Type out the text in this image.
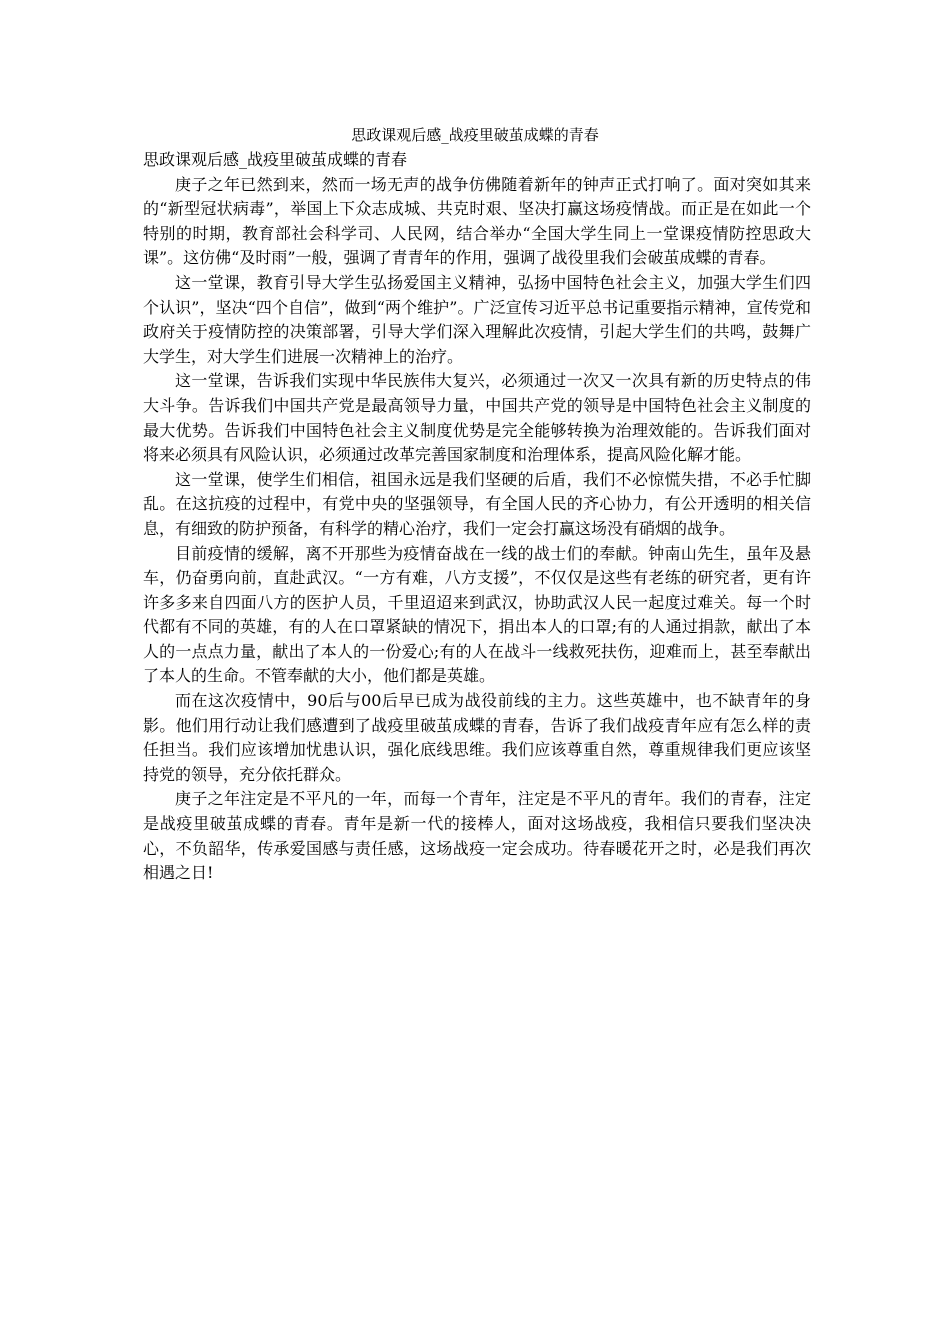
思政课观后感_战疫里破茧成蝶的青春
思政课观后感_战疫里破茧成蝶的青春

庚子之年已然到来，然而一场无声的战争仿佛随着新年的钟声正式打响了。面对突如其来的“新型冠状病毒”，举国上下众志成城、共克时艰、坚决打赢这场疫情战。而正是在如此一个特别的时期，教育部社会科学司、人民网，结合举办“全国大学生同上一堂课疫情防控思政大课”。这仿佛“及时雨”一般，强调了青青年的作用，强调了战役里我们会破茧成蝶的青春。

这一堂课，教育引导大学生弘扬爱国主义精神，弘扬中国特色社会主义，加强大学生们四个认识”，坚决“四个自信”，做到“两个维护”。广泛宣传习近平总书记重要指示精神，宣传党和政府关于疫情防控的决策部署，引导大学们深入理解此次疫情，引起大学生们的共鸣，鼓舞广大学生，对大学生们进展一次精神上的治疗。

这一堂课，告诉我们实现中华民族伟大复兴，必须通过一次又一次具有新的历史特点的伟大斗争。告诉我们中国共产党是最高领导力量，中国共产党的领导是中国特色社会主义制度的最大优势。告诉我们中国特色社会主义制度优势是完全能够转换为治理效能的。告诉我们面对将来必须具有风险认识，必须通过改革完善国家制度和治理体系，提高风险化解才能。

这一堂课，使学生们相信，祖国永远是我们坚硬的后盾，我们不必惊慌失措，不必手忙脚乱。在这抗疫的过程中，有党中央的坚强领导，有全国人民的齐心协力，有公开透明的相关信息，有细致的防护预备，有科学的精心治疗，我们一定会打赢这场没有硝烟的战争。

目前疫情的缓解，离不开那些为疫情奋战在一线的战士们的奉献。钟南山先生，虽年及悬车，仍奋勇向前，直赴武汉。“一方有难，八方支援”，不仅仅是这些有老练的研究者，更有许许多多来自四面八方的医护人员，千里迢迢来到武汉，协助武汉人民一起度过难关。每一个时代都有不同的英雄，有的人在口罩紧缺的情况下，捐出本人的口罩;有的人通过捐款，献出了本人的一点点力量，献出了本人的一份爱心;有的人在战斗一线救死扶伤，迎难而上，甚至奉献出了本人的生命。不管奉献的大小，他们都是英雄。

而在这次疫情中，90后与00后早已成为战役前线的主力。这些英雄中，也不缺青年的身影。他们用行动让我们感遭到了战疫里破茧成蝶的青春，告诉了我们战疫青年应有怎么样的责任担当。我们应该增加忧患认识，强化底线思维。我们应该尊重自然，尊重规律我们更应该坚持党的领导，充分依托群众。

庚子之年注定是不平凡的一年，而每一个青年，注定是不平凡的青年。我们的青春，注定是战疫里破茧成蝶的青春。青年是新一代的接棒人，面对这场战疫，我相信只要我们坚决决心，不负韶华，传承爱国感与责任感，这场战疫一定会成功。待春暖花开之时，必是我们再次相遇之日!
